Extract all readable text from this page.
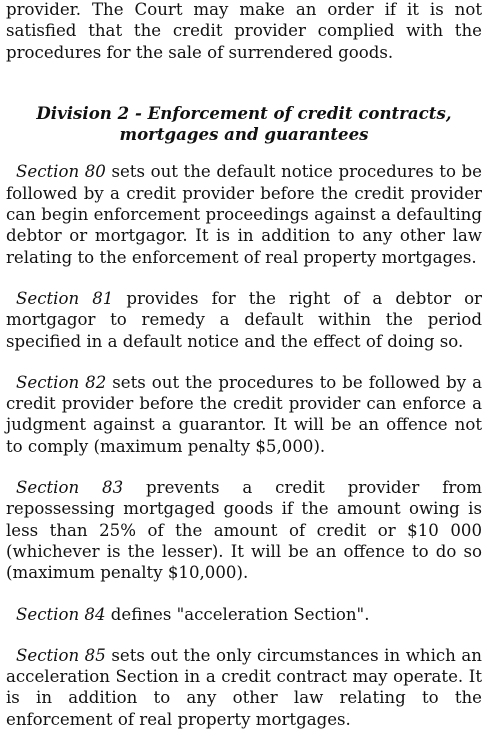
provider. The Court may make an order if it is not satisfied that the credit provider complied with the procedures for the sale of surrendered goods.

Division 2 - Enforcement of credit contracts,
mortgages and guarantees

Section 80 sets out the default notice procedures to be followed by a credit provider before the credit provider can begin enforcement proceedings against a defaulting debtor or mortgagor. It is in addition to any other law relating to the enforcement of real property mortgages.

Section 81 provides for the right of a debtor or mortgagor to remedy a default within the period specified in a default notice and the effect of doing so.

Section 82 sets out the procedures to be followed by a credit provider before the credit provider can enforce a judgment against a guarantor. It will be an offence not to comply (maximum penalty $5,000).

Section 83 prevents a credit provider from repossessing mortgaged goods if the amount owing is less than 25% of the amount of credit or $10 000 (whichever is the lesser). It will be an offence to do so (maximum penalty $10,000).

Section 84 defines "acceleration Section".

Section 85 sets out the only circumstances in which an acceleration Section in a credit contract may operate. It is in addition to any other law relating to the enforcement of real property mortgages.
